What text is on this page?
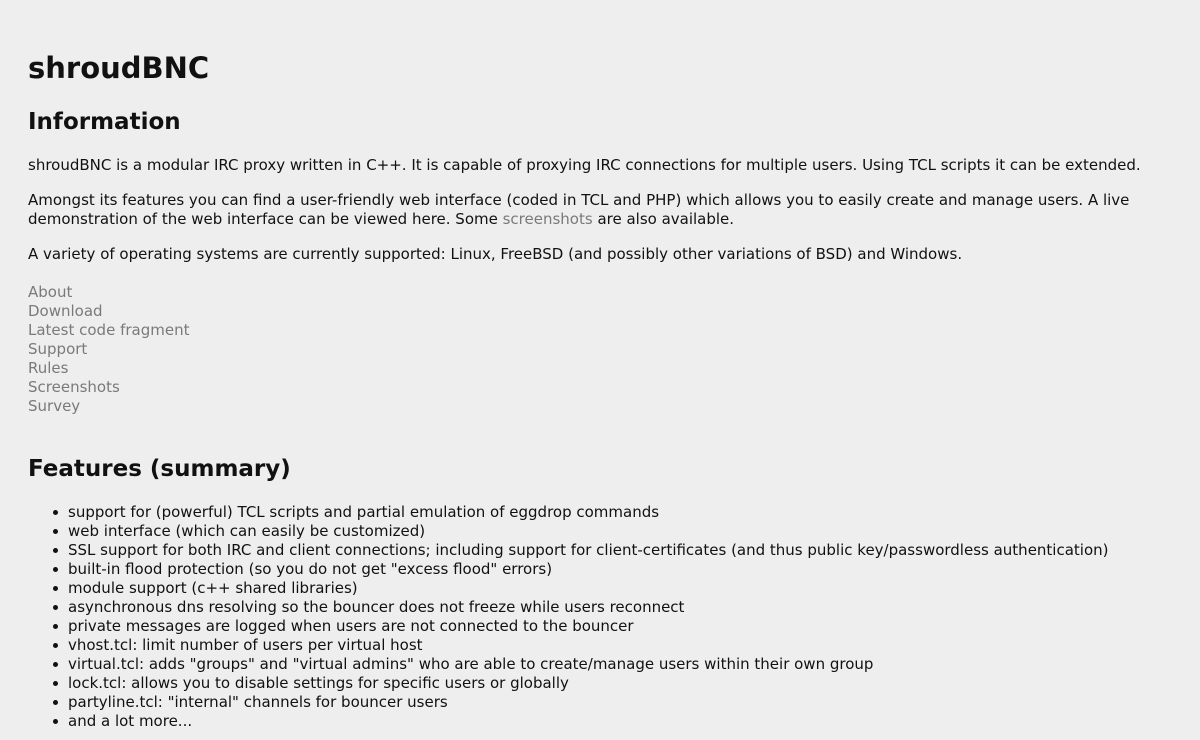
shroudBNC
Information

shroudBNC is a modular IRC proxy written in C++. It is capable of proxying IRC connections for multiple users. Using TCL scripts it can be extended.

Amongst its features you can find a user-friendly web interface (coded in TCL and PHP) which allows you to easily create and manage users. A live demonstration of the web interface can be viewed here. Some screenshots are also available.

A variety of operating systems are currently supported: Linux, FreeBSD (and possibly other variations of BSD) and Windows.

About
Download
Latest code fragment
Support
Rules
Screenshots
Survey
Features (summary)
support for (powerful) TCL scripts and partial emulation of eggdrop commands
web interface (which can easily be customized)
SSL support for both IRC and client connections; including support for client-certificates (and thus public key/passwordless authentication)
built-in flood protection (so you do not get "excess flood" errors)
module support (c++ shared libraries)
asynchronous dns resolving so the bouncer does not freeze while users reconnect
private messages are logged when users are not connected to the bouncer
vhost.tcl: limit number of users per virtual host
virtual.tcl: adds "groups" and "virtual admins" who are able to create/manage users within their own group
lock.tcl: allows you to disable settings for specific users or globally
partyline.tcl: "internal" channels for bouncer users
and a lot more...
